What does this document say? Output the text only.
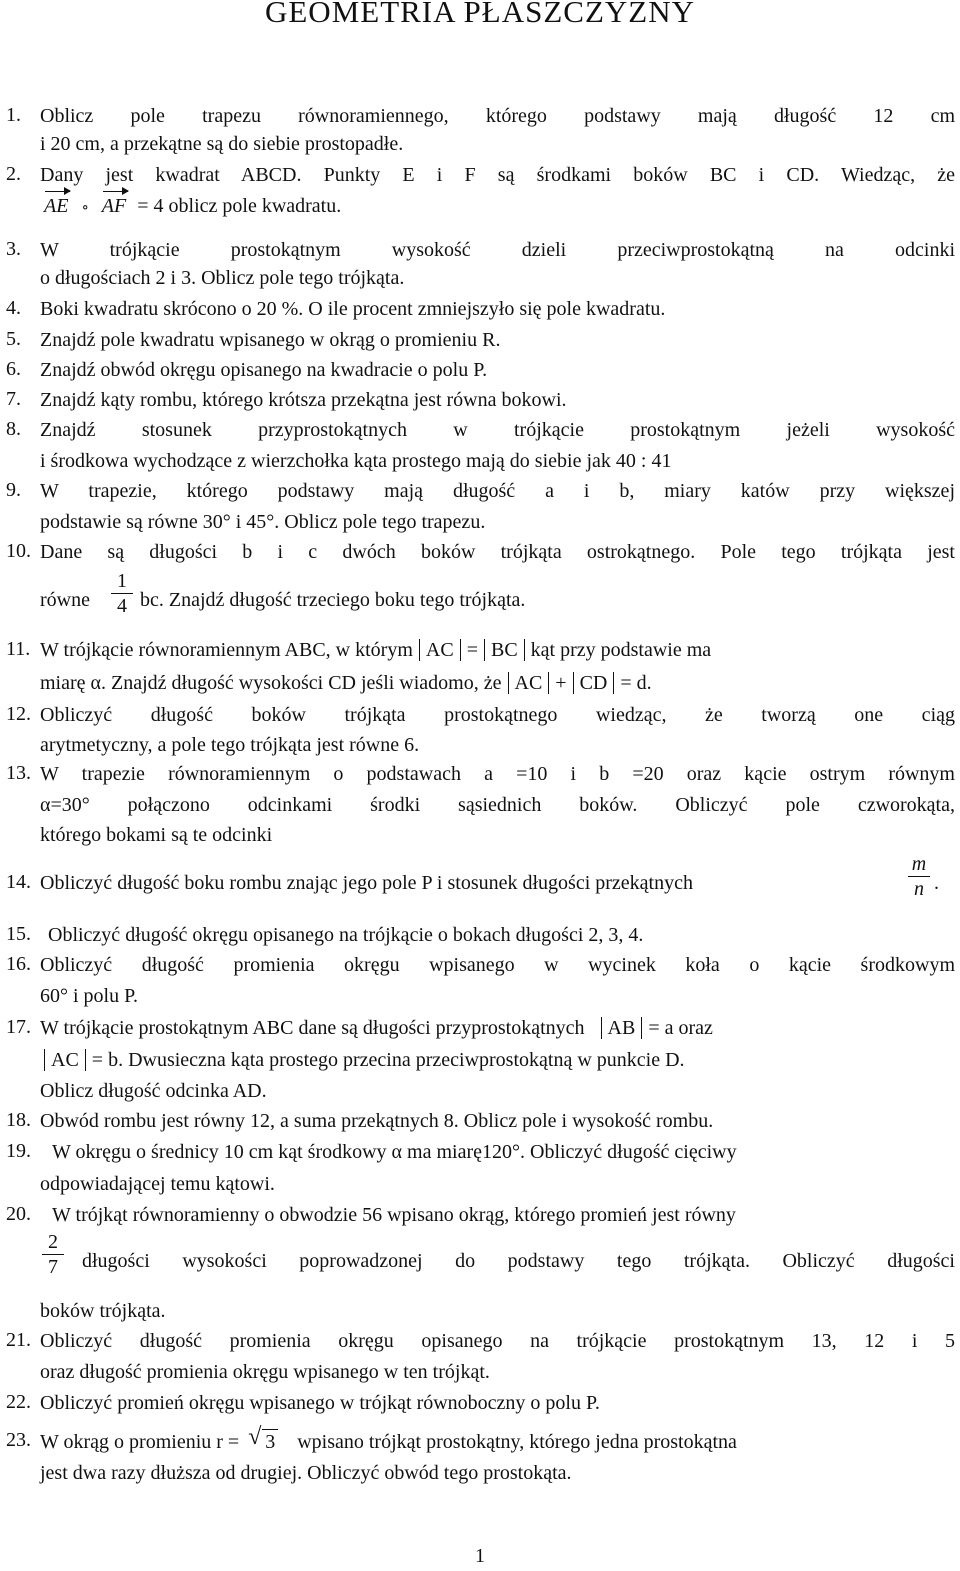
GEOMETRIA PŁASZCZYZNY
1. Oblicz pole trapezu równoramiennego, którego podstawy mają długość 12 cm
i 20 cm, a przekątne są do siebie prostopadłe.
2. Dany jest kwadrat ABCD. Punkty E i F są środkami boków BC i CD. Wiedząc, że
AE ∘ AF = 4 oblicz pole kwadratu.
3. W trójkącie prostokątnym wysokość dzieli przeciwprostokątną na odcinki
o długościach 2 i 3. Oblicz pole tego trójkąta.
4. Boki kwadratu skrócono o 20 %. O ile procent zmniejszyło się pole kwadratu.
5. Znajdź pole kwadratu wpisanego w okrąg o promieniu R.
6. Znajdź obwód okręgu opisanego na kwadracie o polu P.
7. Znajdź kąty rombu, którego krótsza przekątna jest równa bokowi.
8. Znajdź stosunek przyprostokątnych w trójkącie prostokątnym jeżeli wysokość
i środkowa wychodzące z wierzchołka kąta prostego mają do siebie jak 40 : 41
9. W trapezie, którego podstawy mają długość a i b, miary katów przy większej
podstawie są równe 30° i 45°. Oblicz pole tego trapezu.
10. Dane są długości b i c dwóch boków trójkąta ostrokątnego. Pole tego trójkąta jest
równe
1
4 bc. Znajdź długość trzeciego boku tego trójkąta.
11. W trójkącie równoramiennym ABC, w którym AC = BC kąt przy podstawie ma
miarę α. Znajdź długość wysokości CD jeśli wiadomo, że AC + CD = d.
12. Obliczyć długość boków trójkąta prostokątnego wiedząc, że tworzą one ciąg
arytmetyczny, a pole tego trójkąta jest równe 6.
13. W trapezie równoramiennym o podstawach a =10 i b =20 oraz kącie ostrym równym
α=30° połączono odcinkami środki sąsiednich boków. Obliczyć pole czworokąta,
którego bokami są te odcinki
14. Obliczyć długość boku rombu znając jego pole P i stosunek długości przekątnych
m
n .
15. Obliczyć długość okręgu opisanego na trójkącie o bokach długości 2, 3, 4.
16. Obliczyć długość promienia okręgu wpisanego w wycinek koła o kącie środkowym
60° i polu P.
17. W trójkącie prostokątnym ABC dane są długości przyprostokątnych AB = a oraz
AC = b. Dwusieczna kąta prostego przecina przeciwprostokątną w punkcie D.
Oblicz długość odcinka AD.
18. Obwód rombu jest równy 12, a suma przekątnych 8. Oblicz pole i wysokość rombu.
19.	W okręgu o średnicy 10 cm kąt środkowy α ma miarę120°. Obliczyć długość cięciwy
odpowiadającej temu kątowi.
20.	W trójkąt równoramienny o obwodzie 56 wpisano okrąg, którego promień jest równy
2
7	długości wysokości poprowadzonej do podstawy tego trójkąta. Obliczyć długości
boków trójkąta.
21. Obliczyć długość promienia okręgu opisanego na trójkącie prostokątnym 13, 12 i 5
oraz długość promienia okręgu wpisanego w ten trójkąt.
22. Obliczyć promień okręgu wpisanego w trójkąt równoboczny o polu P.
23. W okrąg o promieniu r = √ 3 wpisano trójkąt prostokątny, którego jedna prostokątna
jest dwa razy dłuższa od drugiej. Obliczyć obwód tego prostokąta.
1
